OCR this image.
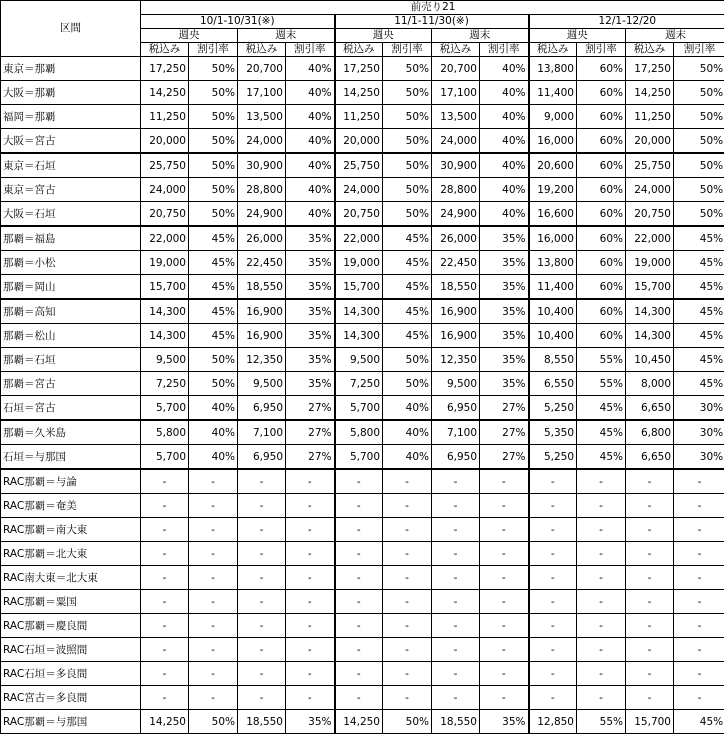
区間	前売り21											
	10/1-10/31(※)				11/1-11/30(※)				12/1-12/20			
	週央		週末		週央		週末		週央		週末	
	税込み	割引率	税込み	割引率	税込み	割引率	税込み	割引率	税込み	割引率	税込み	割引率
東京＝那覇	17,250	50%	20,700	40%	17,250	50%	20,700	40%	13,800	60%	17,250	50%
大阪＝那覇	14,250	50%	17,100	40%	14,250	50%	17,100	40%	11,400	60%	14,250	50%
福岡＝那覇	11,250	50%	13,500	40%	11,250	50%	13,500	40%	9,000	60%	11,250	50%
大阪＝宮古	20,000	50%	24,000	40%	20,000	50%	24,000	40%	16,000	60%	20,000	50%
東京＝石垣	25,750	50%	30,900	40%	25,750	50%	30,900	40%	20,600	60%	25,750	50%
東京＝宮古	24,000	50%	28,800	40%	24,000	50%	28,800	40%	19,200	60%	24,000	50%
大阪＝石垣	20,750	50%	24,900	40%	20,750	50%	24,900	40%	16,600	60%	20,750	50%
那覇＝福島	22,000	45%	26,000	35%	22,000	45%	26,000	35%	16,000	60%	22,000	45%
那覇＝小松	19,000	45%	22,450	35%	19,000	45%	22,450	35%	13,800	60%	19,000	45%
那覇＝岡山	15,700	45%	18,550	35%	15,700	45%	18,550	35%	11,400	60%	15,700	45%
那覇＝高知	14,300	45%	16,900	35%	14,300	45%	16,900	35%	10,400	60%	14,300	45%
那覇＝松山	14,300	45%	16,900	35%	14,300	45%	16,900	35%	10,400	60%	14,300	45%
那覇＝石垣	9,500	50%	12,350	35%	9,500	50%	12,350	35%	8,550	55%	10,450	45%
那覇＝宮古	7,250	50%	9,500	35%	7,250	50%	9,500	35%	6,550	55%	8,000	45%
石垣＝宮古	5,700	40%	6,950	27%	5,700	40%	6,950	27%	5,250	45%	6,650	30%
那覇＝久米島	5,800	40%	7,100	27%	5,800	40%	7,100	27%	5,350	45%	6,800	30%
石垣＝与那国	5,700	40%	6,950	27%	5,700	40%	6,950	27%	5,250	45%	6,650	30%
RAC那覇＝与論	-	-	-	-	-	-	-	-	-	-	-	-
RAC那覇＝奄美	-	-	-	-	-	-	-	-	-	-	-	-
RAC那覇＝南大東	-	-	-	-	-	-	-	-	-	-	-	-
RAC那覇＝北大東	-	-	-	-	-	-	-	-	-	-	-	-
RAC南大東＝北大東	-	-	-	-	-	-	-	-	-	-	-	-
RAC那覇＝粟国	-	-	-	-	-	-	-	-	-	-	-	-
RAC那覇＝慶良間	-	-	-	-	-	-	-	-	-	-	-	-
RAC石垣＝波照間	-	-	-	-	-	-	-	-	-	-	-	-
RAC石垣＝多良間	-	-	-	-	-	-	-	-	-	-	-	-
RAC宮古＝多良間	-	-	-	-	-	-	-	-	-	-	-	-
RAC那覇＝与那国	14,250	50%	18,550	35%	14,250	50%	18,550	35%	12,850	55%	15,700	45%
